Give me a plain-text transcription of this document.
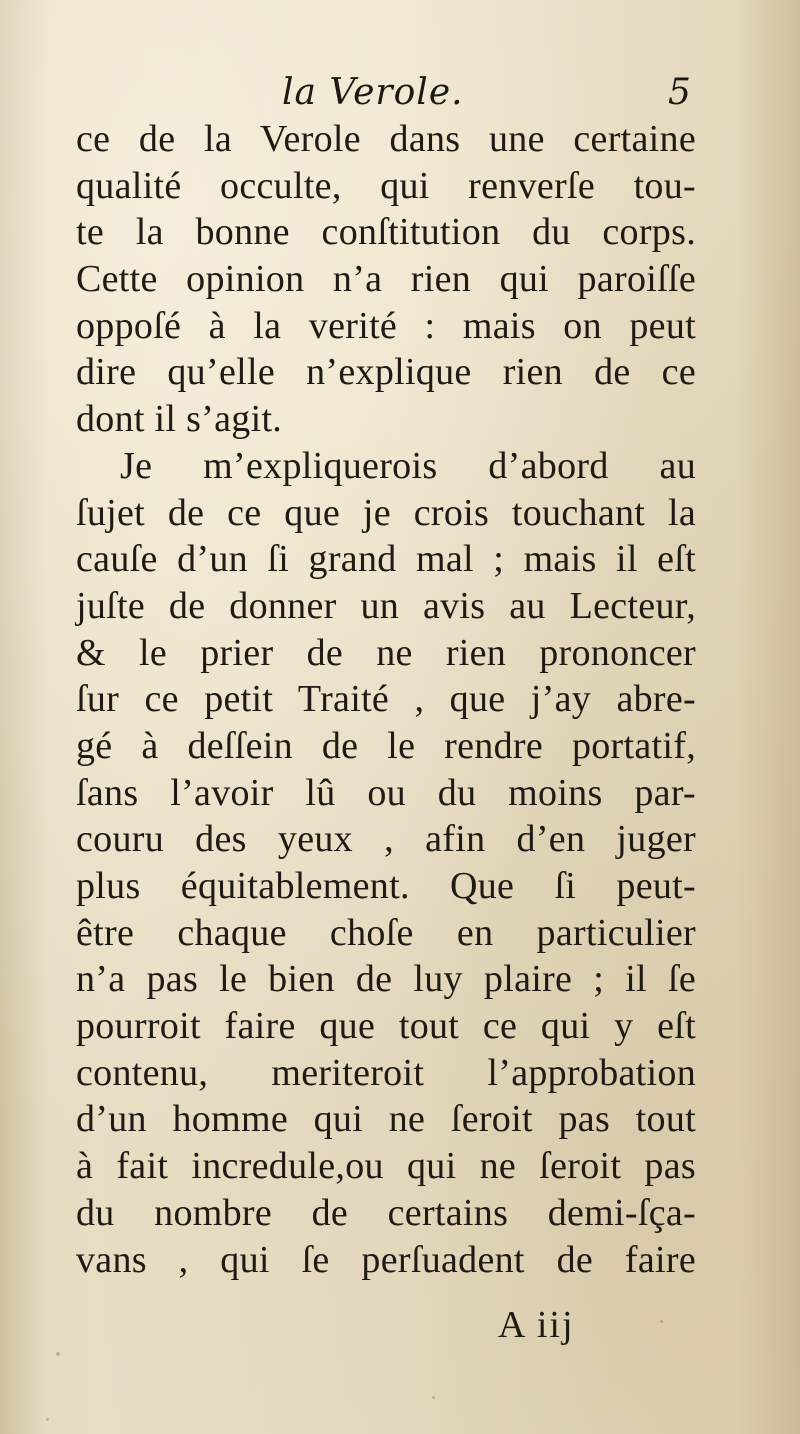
la Verole.	5
ce de la Verole dans une certaine
qualité occulte, qui renverſe tou-
te la bonne conſtitution du corps.
Cette opinion n’a rien qui paroiſſe
oppoſé à la verité : mais on peut
dire qu’elle n’explique rien de ce
dont il s’agit.
Je m’expliquerois d’abord au
ſujet de ce que je crois touchant la
cauſe d’un ſi grand mal ; mais il eſt
juſte de donner un avis au Lecteur,
& le prier de ne rien prononcer
ſur ce petit Traité , que j’ay abre-
gé à deſſein de le rendre portatif,
ſans l’avoir lû ou du moins par-
couru des yeux , afin d’en juger
plus équitablement. Que ſi peut-
être chaque choſe en particulier
n’a pas le bien de luy plaire ; il ſe
pourroit faire que tout ce qui y eſt
contenu, meriteroit l’approbation
d’un homme qui ne ſeroit pas tout
à fait incredule,ou qui ne ſeroit pas
du nombre de certains demi-ſça-
vans , qui ſe perſuadent de faire
A iij
